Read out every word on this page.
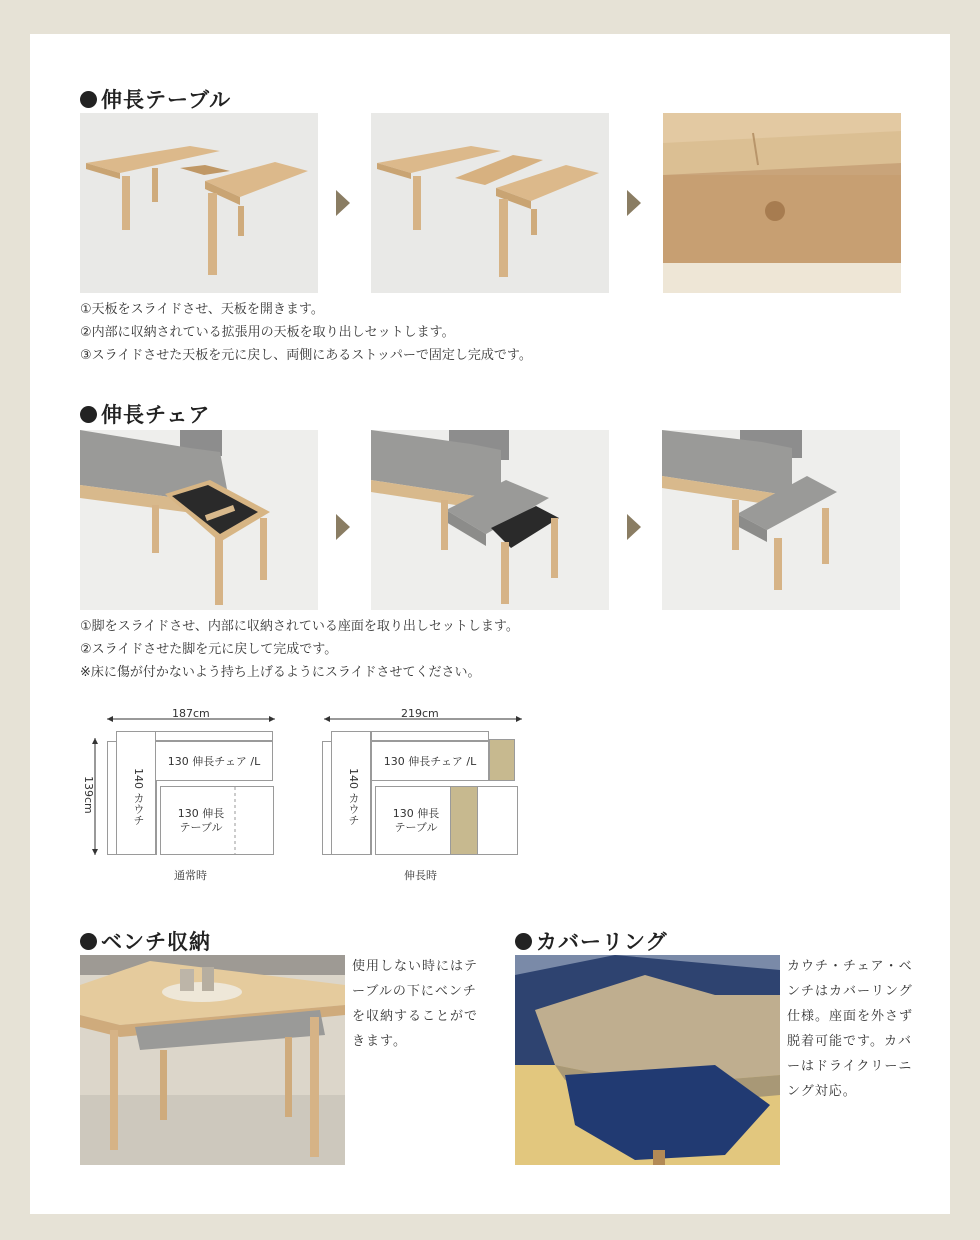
伸長テーブル
①天板をスライドさせ、天板を開きます。
②内部に収納されている拡張用の天板を取り出しセットします。
③スライドさせた天板を元に戻し、両側にあるストッパーで固定し完成です。
伸長チェア
①脚をスライドさせ、内部に収納されている座面を取り出しセットします。
②スライドさせた脚を元に戻して完成です。
※床に傷が付かないよう持ち上げるようにスライドさせてください。
187cm
139cm	140 カウチ
130 伸長チェア /L
130 伸長
テーブル
通常時
219cm
140 カウチ
130 伸長チェア /L
130 伸長
テーブル
伸長時
ベンチ収納
使用しない時にはテーブルの下にベンチを収納することができます。
カバーリング
カウチ・チェア・ベンチはカバーリング仕様。座面を外さず脱着可能です。カバーはドライクリーニング対応。
